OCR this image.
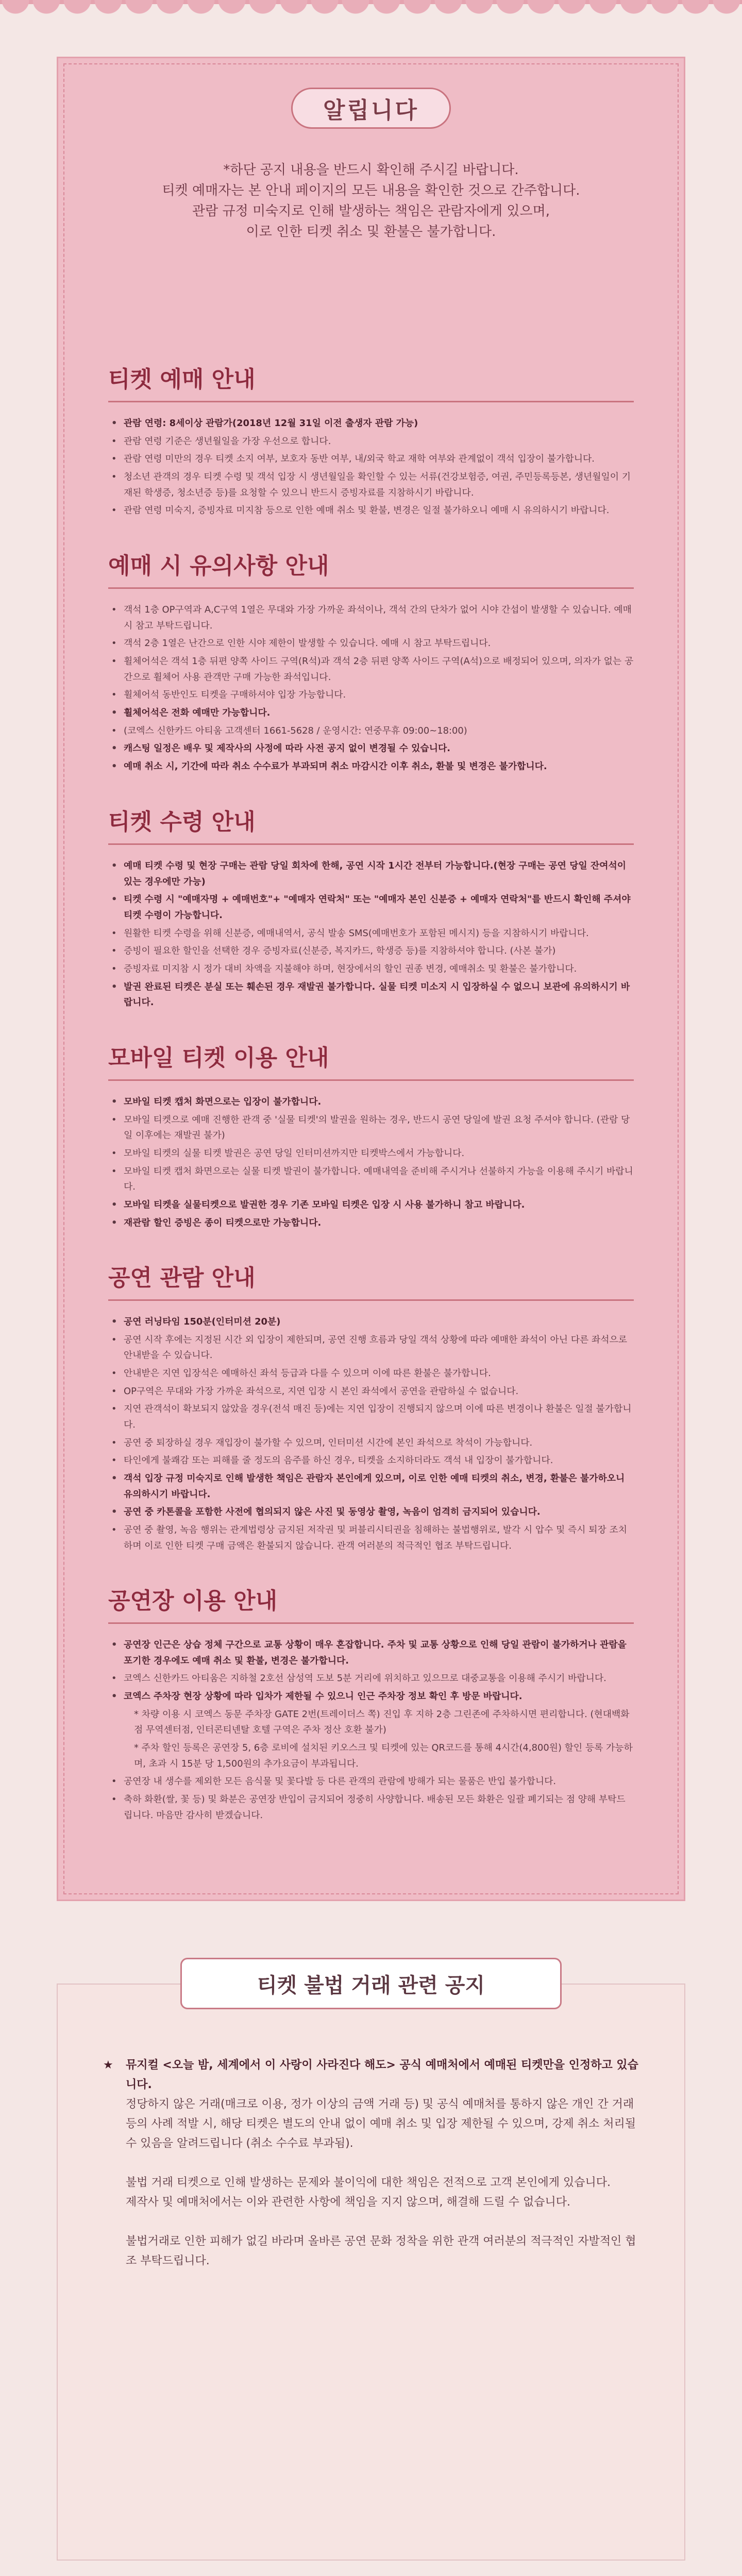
알립니다

*하단 공지 내용을 반드시 확인해 주시길 바랍니다.

티켓 예매자는 본 안내 페이지의 모든 내용을 확인한 것으로 간주합니다.

관람 규정 미숙지로 인해 발생하는 책임은 관람자에게 있으며,

이로 인한 티켓 취소 및 환불은 불가합니다.

티켓 예매 안내
• 관람 연령: 8세이상 관람가(2018년 12월 31일 이전 출생자 관람 가능)
• 관람 연령 기준은 생년월일을 가장 우선으로 합니다.
• 관람 연령 미만의 경우 티켓 소지 여부, 보호자 동반 여부, 내/외국 학교 재학 여부와 관계없이 객석 입장이 불가합니다.
• 청소년 관객의 경우 티켓 수령 및 객석 입장 시 생년월일을 확인할 수 있는 서류(건강보험증, 여권, 주민등록등본, 생년월일이 기재된 학생증, 청소년증 등)를 요청할 수 있으니 반드시 증빙자료를 지참하시기 바랍니다.
• 관람 연령 미숙지, 증빙자료 미지참 등으로 인한 예매 취소 및 환불, 변경은 일절 불가하오니 예매 시 유의하시기 바랍니다.
예매 시 유의사항 안내
• 객석 1층 OP구역과 A,C구역 1열은 무대와 가장 가까운 좌석이나, 객석 간의 단차가 없어 시야 간섭이 발생할 수 있습니다. 예매 시 참고 부탁드립니다.
• 객석 2층 1열은 난간으로 인한 시야 제한이 발생할 수 있습니다. 예매 시 참고 부탁드립니다.
• 휠체어석은 객석 1층 뒤편 양쪽 사이드 구역(R석)과 객석 2층 뒤편 양쪽 사이드 구역(A석)으로 배정되어 있으며, 의자가 없는 공간으로 휠체어 사용 관객만 구매 가능한 좌석입니다.
• 휠체어석 동반인도 티켓을 구매하셔야 입장 가능합니다.
• 휠체어석은 전화 예매만 가능합니다.
• (코엑스 신한카드 아티움 고객센터 1661-5628 / 운영시간: 연중무휴 09:00~18:00)
• 캐스팅 일정은 배우 및 제작사의 사정에 따라 사전 공지 없이 변경될 수 있습니다.
• 예매 취소 시, 기간에 따라 취소 수수료가 부과되며 취소 마감시간 이후 취소, 환불 및 변경은 불가합니다.
티켓 수령 안내
• 예매 티켓 수령 및 현장 구매는 관람 당일 회차에 한해, 공연 시작 1시간 전부터 가능합니다.(현장 구매는 공연 당일 잔여석이 있는 경우에만 가능)
• 티켓 수령 시 "예매자명 + 예매번호"+ "예매자 연락처" 또는 "예매자 본인 신분증 + 예매자 연락처"를 반드시 확인해 주셔야 티켓 수령이 가능합니다.
• 원활한 티켓 수령을 위해 신분증, 예매내역서, 공식 발송 SMS(예매번호가 포함된 메시지) 등을 지참하시기 바랍니다.
• 증빙이 필요한 할인을 선택한 경우 증빙자료(신분증, 복지카드, 학생증 등)를 지참하셔야 합니다. (사본 불가)
• 증빙자료 미지참 시 정가 대비 차액을 지불해야 하며, 현장에서의 할인 권종 변경, 예매취소 및 환불은 불가합니다.
• 발권 완료된 티켓은 분실 또는 훼손된 경우 재발권 불가합니다. 실물 티켓 미소지 시 입장하실 수 없으니 보관에 유의하시기 바랍니다.
모바일 티켓 이용 안내
• 모바일 티켓 캡처 화면으로는 입장이 불가합니다.
• 모바일 티켓으로 예매 진행한 관객 중 '실물 티켓'의 발권을 원하는 경우, 반드시 공연 당일에 발권 요청 주셔야 합니다. (관람 당일 이후에는 재발권 불가)
• 모바일 티켓의 실물 티켓 발권은 공연 당일 인터미션까지만 티켓박스에서 가능합니다.
• 모바일 티켓 캡처 화면으로는 실물 티켓 발권이 불가합니다. 예매내역을 준비해 주시거나 선불하지 가능을 이용해 주시기 바랍니다.
• 모바일 티켓을 실물티켓으로 발권한 경우 기존 모바일 티켓은 입장 시 사용 불가하니 참고 바랍니다.
• 재관람 할인 증빙은 종이 티켓으로만 가능합니다.
공연 관람 안내
• 공연 러닝타임 150분(인터미션 20분)
• 공연 시작 후에는 지정된 시간 외 입장이 제한되며, 공연 진행 흐름과 당일 객석 상황에 따라 예매한 좌석이 아닌 다른 좌석으로 안내받을 수 있습니다.
• 안내받은 지연 입장석은 예매하신 좌석 등급과 다를 수 있으며 이에 따른 환불은 불가합니다.
• OP구역은 무대와 가장 가까운 좌석으로, 지연 입장 시 본인 좌석에서 공연을 관람하실 수 없습니다.
• 지연 관객석이 확보되지 않았을 경우(전석 매진 등)에는 지연 입장이 진행되지 않으며 이에 따른 변경이나 환불은 일절 불가합니다.
• 공연 중 퇴장하실 경우 재입장이 불가할 수 있으며, 인터미션 시간에 본인 좌석으로 착석이 가능합니다.
• 타인에게 불쾌감 또는 피해를 줄 정도의 음주를 하신 경우, 티켓을 소지하더라도 객석 내 입장이 불가합니다.
• 객석 입장 규정 미숙지로 인해 발생한 책임은 관람자 본인에게 있으며, 이로 인한 예매 티켓의 취소, 변경, 환불은 불가하오니 유의하시기 바랍니다.
• 공연 중 카톤콜을 포함한 사전에 협의되지 않은 사진 및 동영상 촬영, 녹음이 엄격히 금지되어 있습니다.
• 공연 중 촬영, 녹음 행위는 관계법령상 금지된 저작권 및 퍼블리시티권을 침해하는 불법행위로, 발각 시 압수 및 즉시 퇴장 조치하며 이로 인한 티켓 구매 금액은 환불되지 않습니다. 관객 여러분의 적극적인 협조 부탁드립니다.
공연장 이용 안내
• 공연장 인근은 상습 정체 구간으로 교통 상황이 매우 혼잡합니다. 주차 및 교통 상황으로 인해 당일 관람이 불가하거나 관람을 포기한 경우에도 예매 취소 및 환불, 변경은 불가합니다.
• 코엑스 신한카드 아티움은 지하철 2호선 삼성역 도보 5분 거리에 위치하고 있으므로 대중교통을 이용해 주시기 바랍니다.
• 코엑스 주차장 현장 상황에 따라 입차가 제한될 수 있으니 인근 주차장 정보 확인 후 방문 바랍니다.
* 차량 이용 시 코엑스 동문 주차장 GATE 2번(트레이더스 쪽) 진입 후 지하 2층 그린존에 주차하시면 편리합니다. (현대백화점 무역센터점, 인터콘티넨탈 호텔 구역은 주차 정산 호환 불가)
* 주차 할인 등록은 공연장 5, 6층 로비에 설치된 키오스크 및 티켓에 있는 QR코드를 통해 4시간(4,800원) 할인 등록 가능하며, 초과 시 15분 당 1,500원의 추가요금이 부과됩니다.
• 공연장 내 생수를 제외한 모든 음식물 및 꽃다발 등 다른 관객의 관람에 방해가 되는 물품은 반입 불가합니다.
• 축하 화환(쌀, 꽃 등) 및 화분은 공연장 반입이 금지되어 정중히 사양합니다. 배송된 모든 화환은 일괄 폐기되는 점 양해 부탁드립니다. 마음만 감사히 받겠습니다.
티켓 불법 거래 관련 공지
★ 뮤지컬 <오늘 밤, 세계에서 이 사랑이 사라진다 해도> 공식 예매처에서 예매된 티켓만을 인정하고 있습니다.

정당하지 않은 거래(매크로 이용, 정가 이상의 금액 거래 등) 및 공식 예매처를 통하지 않은 개인 간 거래 등의 사례 적발 시, 해당 티켓은 별도의 안내 없이 예매 취소 및 입장 제한될 수 있으며, 강제 취소 처리될 수 있음을 알려드립니다 (취소 수수료 부과됨).

불법 거래 티켓으로 인해 발생하는 문제와 불이익에 대한 책임은 전적으로 고객 본인에게 있습니다.

제작사 및 예매처에서는 이와 관련한 사항에 책임을 지지 않으며, 해결해 드릴 수 없습니다.

불법거래로 인한 피해가 없길 바라며 올바른 공연 문화 정착을 위한 관객 여러분의 적극적인 자발적인 협조 부탁드립니다.
